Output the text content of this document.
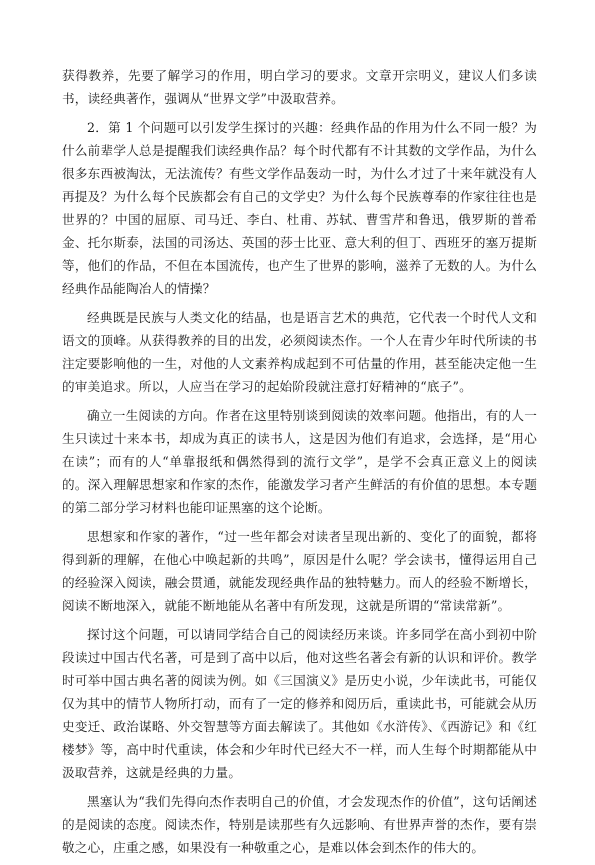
获得教养，先要了解学习的作用，明白学习的要求。文章开宗明义，建议人们多读书，读经典著作，强调从“世界文学”中汲取营养。

2．第 1 个问题可以引发学生探讨的兴趣：经典作品的作用为什么不同一般？为什么前辈学人总是提醒我们读经典作品？每个时代都有不计其数的文学作品，为什么很多东西被淘汰，无法流传？有些文学作品轰动一时，为什么才过了十来年就没有人再提及？为什么每个民族都会有自己的文学史？为什么每个民族尊奉的作家往往也是世界的？中国的屈原、司马迁、李白、杜甫、苏轼、曹雪芹和鲁迅，俄罗斯的普希金、托尔斯泰，法国的司汤达、英国的莎士比亚、意大利的但丁、西班牙的塞万提斯等，他们的作品，不但在本国流传，也产生了世界的影响，滋养了无数的人。为什么经典作品能陶冶人的情操？

经典既是民族与人类文化的结晶，也是语言艺术的典范，它代表一个时代人文和语文的顶峰。从获得教养的目的出发，必须阅读杰作。一个人在青少年时代所读的书注定要影响他的一生，对他的人文素养构成起到不可估量的作用，甚至能决定他一生的审美追求。所以，人应当在学习的起始阶段就注意打好精神的“底子”。

确立一生阅读的方向。作者在这里特别谈到阅读的效率问题。他指出，有的人一生只读过十来本书，却成为真正的读书人，这是因为他们有追求，会选择，是“用心在读”；而有的人“单靠报纸和偶然得到的流行文学”，是学不会真正意义上的阅读的。深入理解思想家和作家的杰作，能激发学习者产生鲜活的有价值的思想。本专题的第二部分学习材料也能印证黑塞的这个论断。

思想家和作家的著作，“过一些年都会对读者呈现出新的、变化了的面貌，都将得到新的理解，在他心中唤起新的共鸣”，原因是什么呢？学会读书，懂得运用自己的经验深入阅读，融会贯通，就能发现经典作品的独特魅力。而人的经验不断增长，阅读不断地深入，就能不断地能从名著中有所发现，这就是所谓的“常读常新”。

探讨这个问题，可以请同学结合自己的阅读经历来谈。许多同学在高小到初中阶段读过中国古代名著，可是到了高中以后，他对这些名著会有新的认识和评价。教学时可举中国古典名著的阅读为例。如《三国演义》是历史小说，少年读此书，可能仅仅为其中的情节人物所打动，而有了一定的修养和阅历后，重读此书，可能就会从历史变迁、政治谋略、外交智慧等方面去解读了。其他如《水浒传》、《西游记》和《红楼梦》等，高中时代重读，体会和少年时代已经大不一样，而人生每个时期都能从中汲取营养，这就是经典的力量。

黑塞认为“我们先得向杰作表明自己的价值，才会发现杰作的价值”，这句话阐述的是阅读的态度。阅读杰作，特别是读那些有久远影响、有世界声誉的杰作，要有崇敬之心，庄重之感，如果没有一种敬重之心，是难以体会到杰作的伟大的。
